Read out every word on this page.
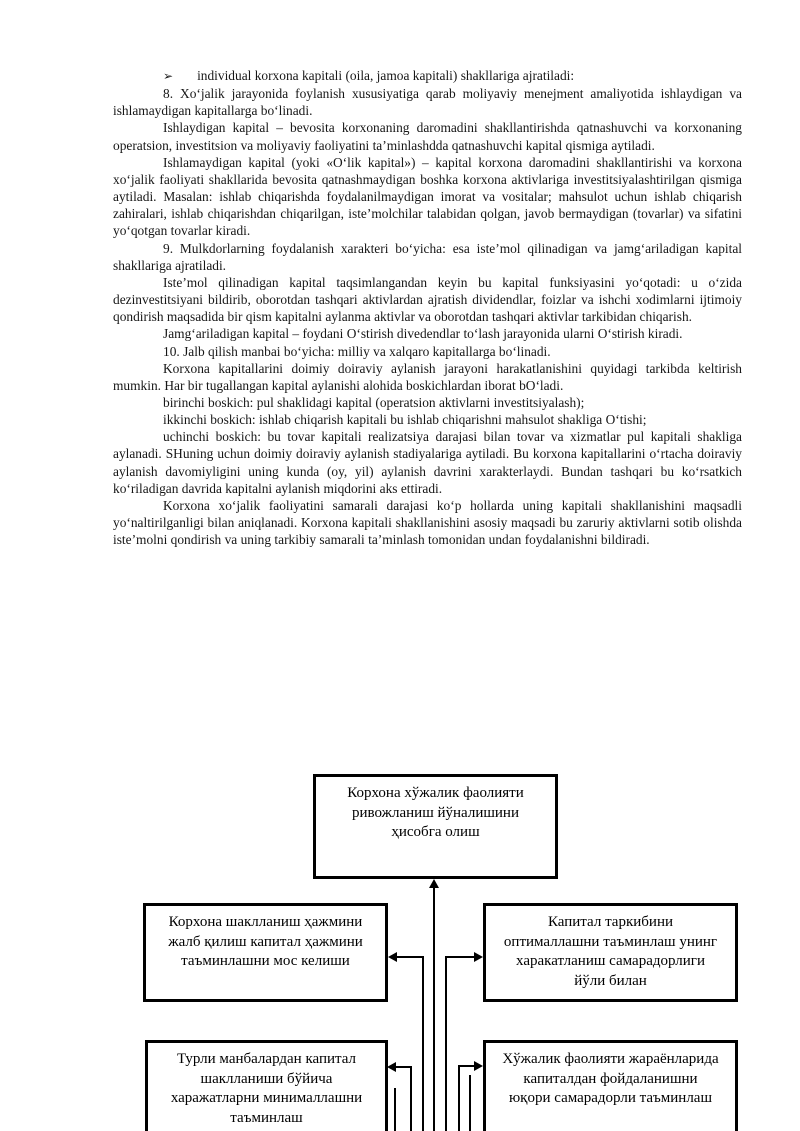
➢ individual korxona kapitali (oila, jamoa kapitali) shakllariga ajratiladi:

8. Xoʻjalik jarayonida foylanish xususiyatiga qarab moliyaviy menejment amaliyotida ishlaydigan va ishlamaydigan kapitallarga boʻlinadi.

Ishlaydigan kapital – bevosita korxonaning daromadini shakllantirishda qatnashuvchi va korxonaning operatsion, investitsion va moliyaviy faoliyatini taʼminlashdda qatnashuvchi kapital qismiga aytiladi.

Ishlamaydigan kapital (yoki «Oʻlik kapital») – kapital korxona daromadini shakllantirishi va korxona xoʻjalik faoliyati shakllarida bevosita qatnashmaydigan boshka korxona aktivlariga investitsiyalashtirilgan qismiga aytiladi. Masalan: ishlab chiqarishda foydalanilmaydigan imorat va vositalar; mahsulot uchun ishlab chiqarish zahiralari, ishlab chiqarishdan chiqarilgan, isteʼmolchilar talabidan qolgan, javob bermaydigan (tovarlar) va sifatini yoʻqotgan tovarlar kiradi.

9. Mulkdorlarning foydalanish xarakteri boʻyicha: esa isteʼmol qilinadigan va jamgʻariladigan kapital shakllariga ajratiladi.

Isteʼmol qilinadigan kapital taqsimlangandan keyin bu kapital funksiyasini yoʻqotadi: u oʻzida dezinvestitsiyani bildirib, oborotdan tashqari aktivlardan ajratish dividendlar, foizlar va ishchi xodimlarni ijtimoiy qondirish maqsadida bir qism kapitalni aylanma aktivlar va oborotdan tashqari aktivlar tarkibidan chiqarish.

Jamgʻariladigan kapital – foydani Oʻstirish divedendlar toʻlash jarayonida ularni Oʻstirish kiradi.

10. Jalb qilish manbai boʻyicha: milliy va xalqaro kapitallarga boʻlinadi.

Korxona kapitallarini doimiy doiraviy aylanish jarayoni harakatlanishini quyidagi tarkibda keltirish mumkin. Har bir tugallangan kapital aylanishi alohida boskichlardan iborat bOʻladi.

birinchi boskich: pul shaklidagi kapital (operatsion aktivlarni investitsiyalash);

ikkinchi boskich: ishlab chiqarish kapitali bu ishlab chiqarishni mahsulot shakliga Oʻtishi;

uchinchi boskich: bu tovar kapitali realizatsiya darajasi bilan tovar va xizmatlar pul kapitali shakliga aylanadi. SHuning uchun doimiy doiraviy aylanish stadiyalariga aytiladi. Bu korxona kapitallarini oʻrtacha doiraviy aylanish davomiyligini uning kunda (oy, yil) aylanish davrini xarakterlaydi. Bundan tashqari bu koʻrsatkich koʻriladigan davrida kapitalni aylanish miqdorini aks ettiradi.

Korxona xoʻjalik faoliyatini samarali darajasi koʻp hollarda uning kapitali shakllanishini maqsadli yoʻnaltirilganligi bilan aniqlanadi. Korxona kapitali shakllanishini asosiy maqsadi bu zaruriy aktivlarni sotib olishda isteʼmolni qondirish va uning tarkibiy samarali taʼminlash tomonidan undan foydalanishni bildiradi.

Корхона хўжалик фаолияти
ривожланиш йўналишини
ҳисобга олиш
Корхона шаклланиш ҳажмини
жалб қилиш капитал ҳажмини
таъминлашни мос келиши
Капитал таркибини
оптималлашни таъминлаш унинг
харакатланиш самарадорлиги
йўли билан
Турли манбалардан капитал
шаклланиши бўйича
харажатларни минималлашни
таъминлаш
Хўжалик фаолияти жараёнларида
капиталдан фойдаланишни
юқори самарадорли таъминлаш
